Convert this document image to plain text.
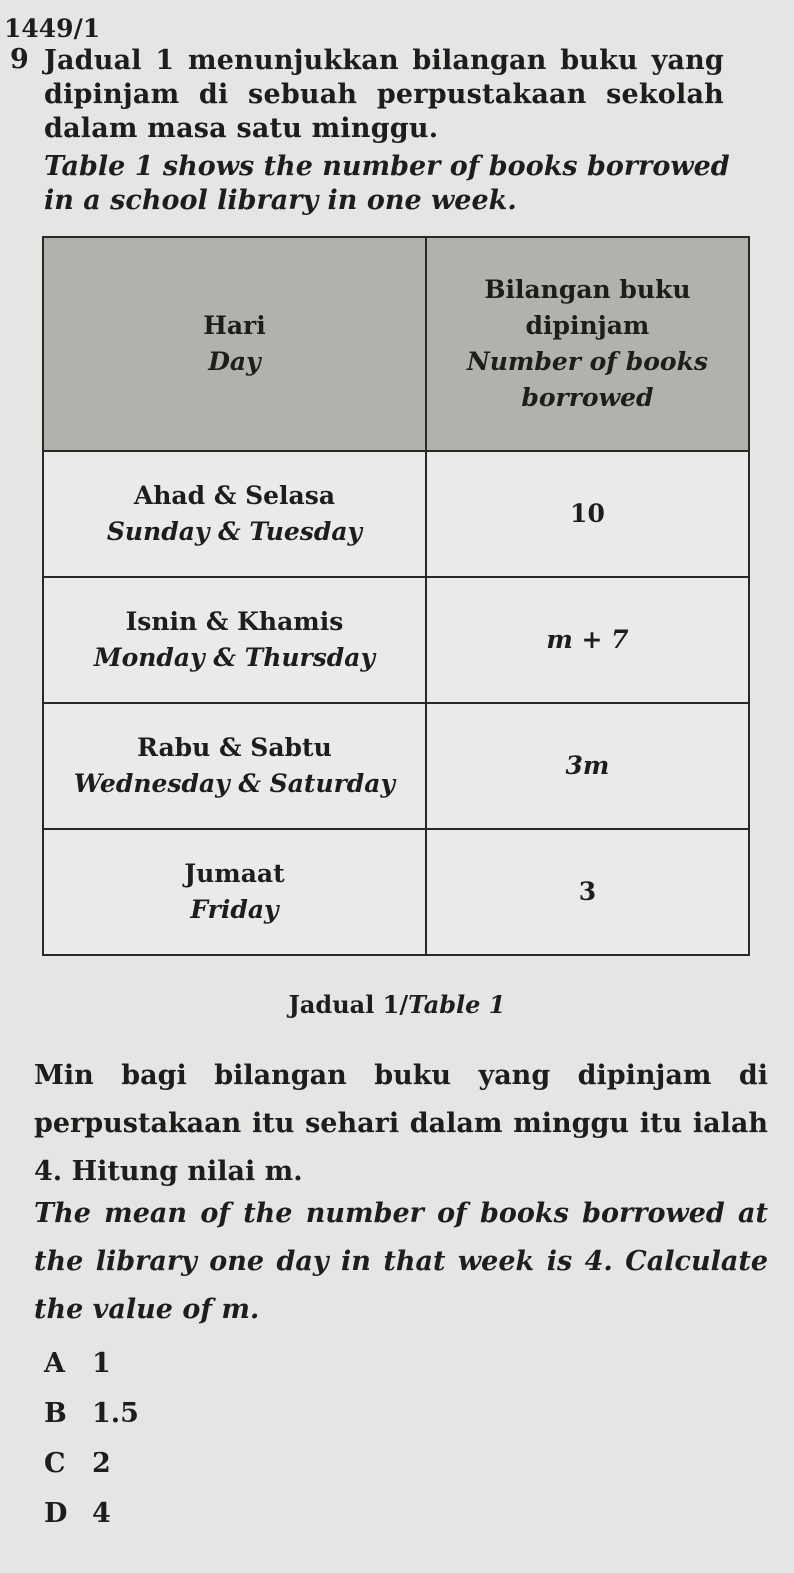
1449/1
9 Jadual 1 menunjukkan bilangan buku yang dipinjam di sebuah perpustakaan sekolah dalam masa satu minggu.

Table 1 shows the number of books borrowed in a school library in one week.

Hari
Day	Bilangan buku dipinjam
Number of books borrowed

Ahad & Selasa
Sunday & Tuesday	10

Isnin & Khamis
Monday & Thursday	m + 7

Rabu & Sabtu
Wednesday & Saturday	3m

Jumaat
Friday	3
Jadual 1/Table 1

Min bagi bilangan buku yang dipinjam di perpustakaan itu sehari dalam minggu itu ialah 4. Hitung nilai m.

The mean of the number of books borrowed at the library one day in that week is 4. Calculate the value of m.

A 1
B 1.5
C 2
D 4
